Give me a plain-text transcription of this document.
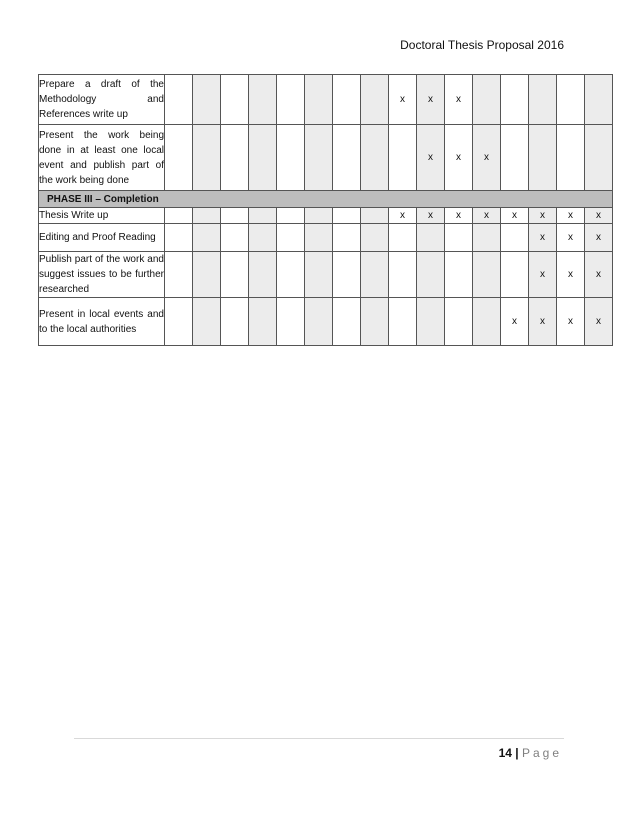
Doctoral Thesis Proposal 2016
Prepare a draft of the Methodology and References write up									x	x	x					
Present the work being done in at least one local event and publish part of the work being done										x	x	x				
PHASE III – Completion																
Thesis Write up									x	x	x	x	x	x	x	x
Editing and Proof Reading														x	x	x
Publish part of the work and suggest issues to be further researched														x	x	x
Present in local events and to the local authorities													x	x	x	x
14 | Page
